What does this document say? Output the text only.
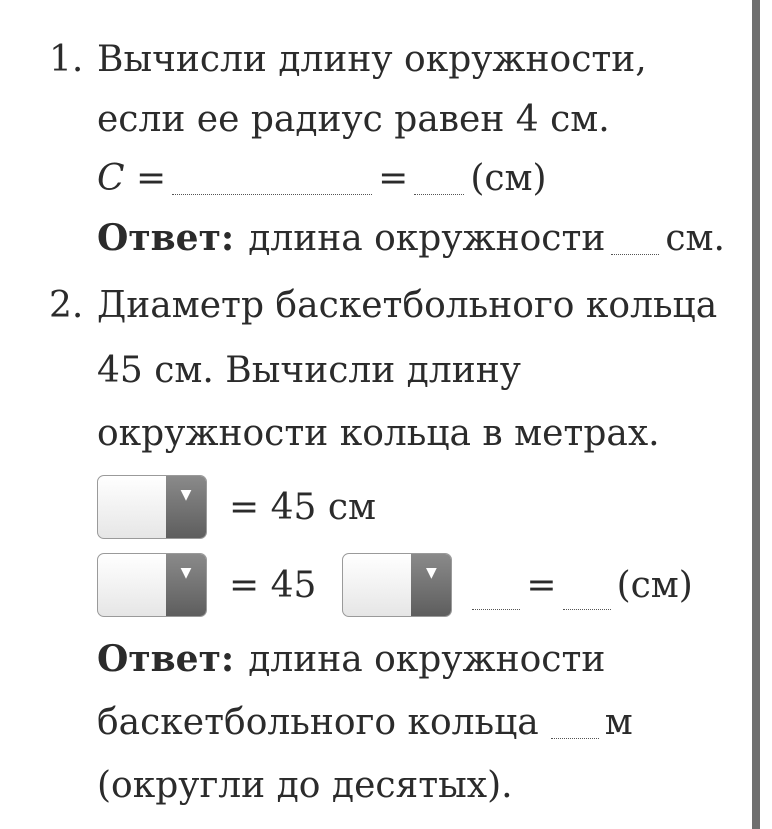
1. Вычисли длину окружности,
если ее радиус равен 4 см.
C =	= (см)
Ответ: длина окружности см.
2. Диаметр баскетбольного кольца
45 см. Вычисли длину
окружности кольца в метрах.
▼ = 45 см
▼ = 45	▼ = (см)
Ответ: длина окружности
баскетбольного кольца м
(округли до десятых).
